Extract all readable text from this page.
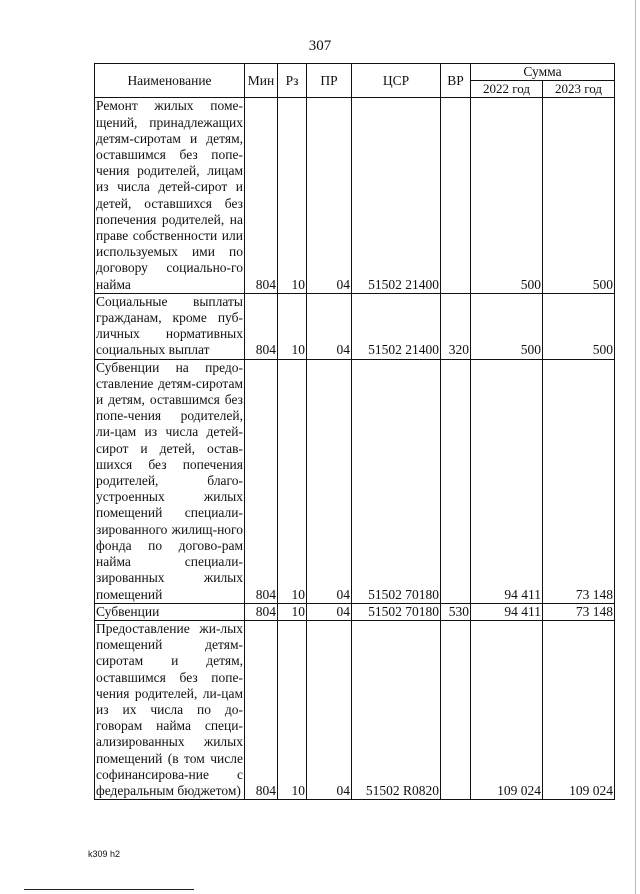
307
Наименование	Мин	Рз	ПР	ЦСР	ВР	Сумма	
						2022 год	2023 год

Ремонт жилых поме-щений, принадлежащих детям-сиротам и детям, оставшимся без попе-чения родителей, лицам из числа детей-сирот и детей, оставшихся без попечения родителей, на праве собственности или используемых ими по договору социально-го найма	804	10	04	51502 21400		500	500

Социальные выплаты гражданам, кроме пуб-личных нормативных социальных выплат	804	10	04	51502 21400	320	500	500

Субвенции на предо-ставление детям-сиротам и детям, оставшимся без попе-чения родителей, ли-цам из числа детей-сирот и детей, остав-шихся без попечения родителей, благо-устроенных жилых помещений специали-зированного жилищ-ного фонда по догово-рам найма специали-зированных жилых помещений	804	10	04	51502 70180		94 411	73 148

Субвенции	804	10	04	51502 70180	530	94 411	73 148

Предоставление жи-лых помещений детям-сиротам и детям, оставшимся без попе-чения родителей, ли-цам из их числа по до-говорам найма специ-ализированных жилых помещений (в том числе софинансирова-ние с федеральным бюджетом)	804	10	04	51502 R0820		109 024	109 024
k309 h2
